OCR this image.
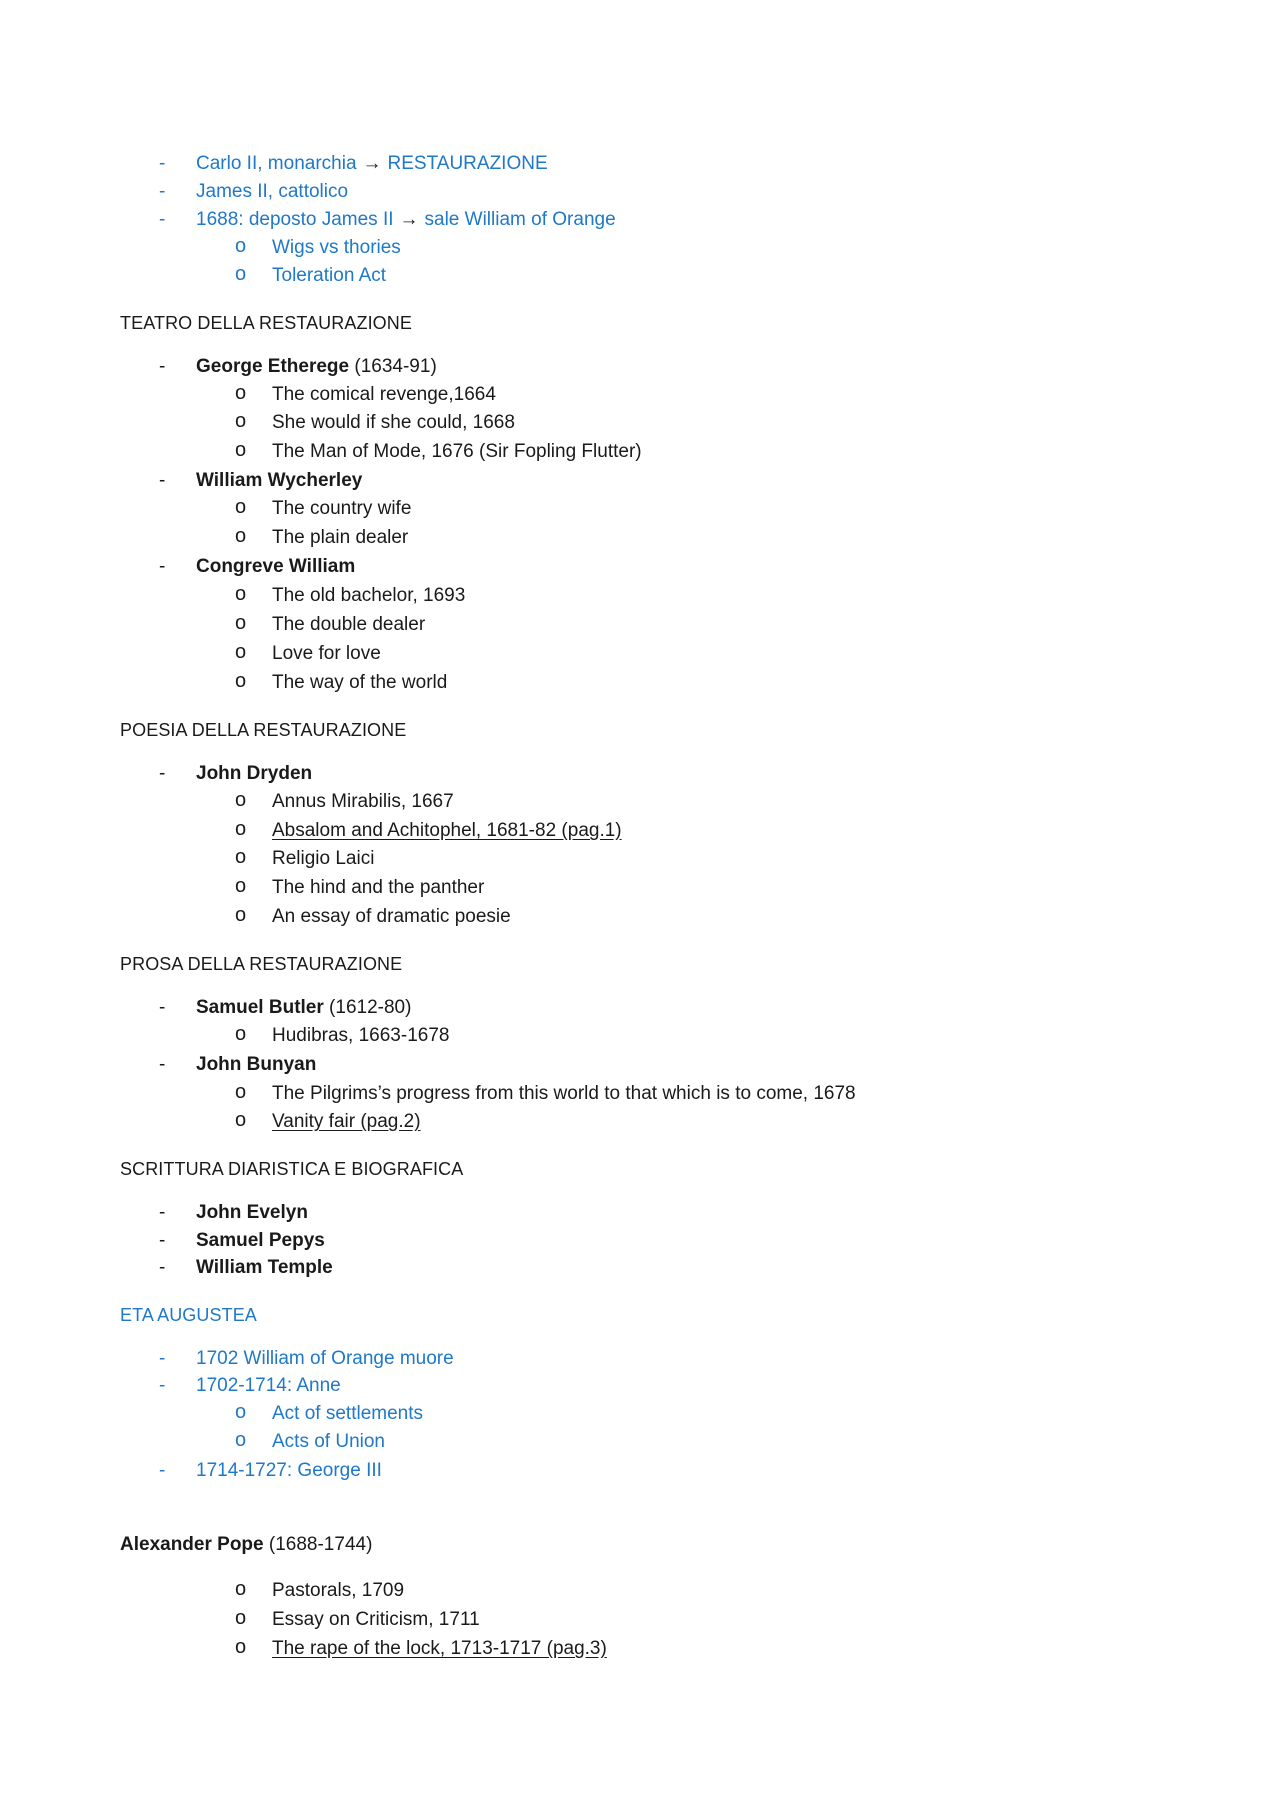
- Carlo II, monarchia → RESTAURAZIONE
- James II, cattolico
- 1688: deposto James II → sale William of Orange
o Wigs vs thories
o Toleration Act
TEATRO DELLA RESTAURAZIONE
- George Etherege (1634-91)
o The comical revenge,1664
o She would if she could, 1668
o The Man of Mode, 1676 (Sir Fopling Flutter)
- William Wycherley
o The country wife
o The plain dealer
- Congreve William
o The old bachelor, 1693
o The double dealer
o Love for love
o The way of the world
POESIA DELLA RESTAURAZIONE
- John Dryden
o Annus Mirabilis, 1667
o Absalom and Achitophel, 1681-82 (pag.1)
o Religio Laici
o The hind and the panther
o An essay of dramatic poesie
PROSA DELLA RESTAURAZIONE
- Samuel Butler (1612-80)
o Hudibras, 1663-1678
- John Bunyan
o The Pilgrims’s progress from this world to that which is to come, 1678
o Vanity fair (pag.2)
SCRITTURA DIARISTICA E BIOGRAFICA
- John Evelyn
- Samuel Pepys
- William Temple
ETA AUGUSTEA
- 1702 William of Orange muore
- 1702-1714: Anne
o Act of settlements
o Acts of Union
- 1714-1727: George III
Alexander Pope (1688-1744)
o Pastorals, 1709
o Essay on Criticism, 1711
o The rape of the lock, 1713-1717 (pag.3)
